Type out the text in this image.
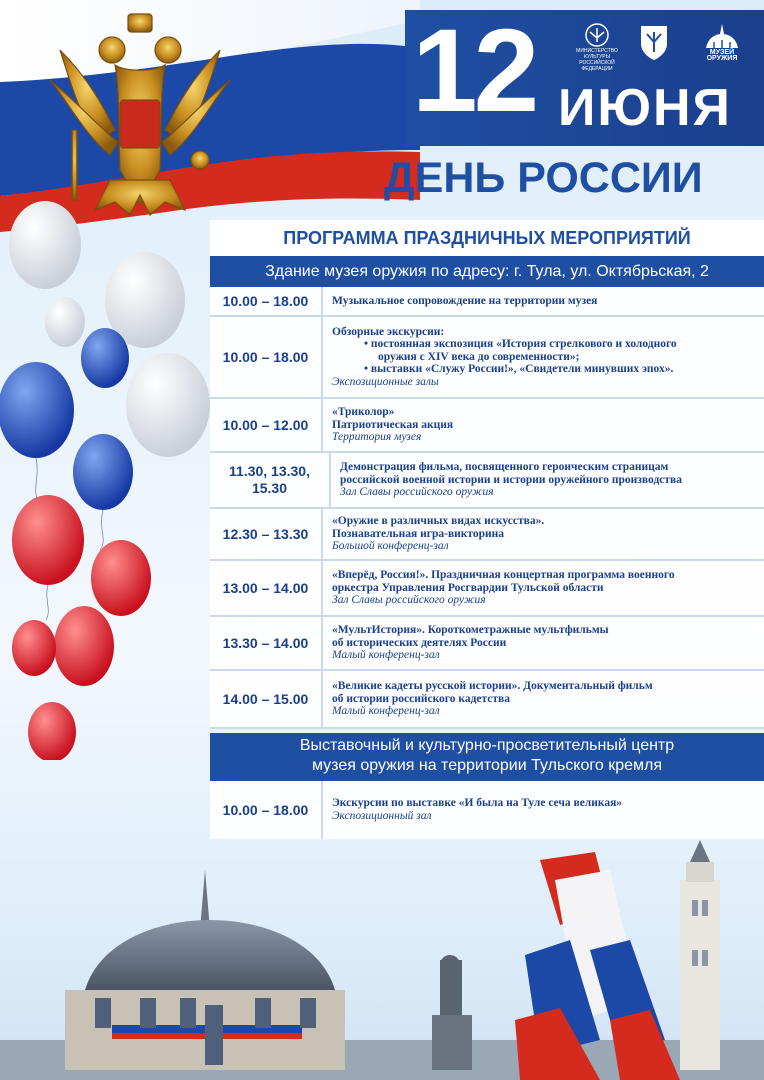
12 ИЮНЯ
МИНИСТЕРСТВО КУЛЬТУРЫ
РОССИЙСКОЙ ФЕДЕРАЦИИ
МУЗЕЙ ОРУЖИЯ
ДЕНЬ РОССИИ
ПРОГРАММА ПРАЗДНИЧНЫХ МЕРОПРИЯТИЙ
Здание музея оружия по адресу: г. Тула, ул. Октябрьская, 2
10.00 – 18.00	Музыкальное сопровождение на территории музея
10.00 – 18.00
Обзорные экскурсии:
• постоянная экспозиция «История стрелкового и холодного
оружия с XIV века до современности»;
• выставки «Служу России!», «Свидетели минувших эпох».
Экспозиционные залы
10.00 – 12.00
«Триколор»
Патриотическая акция
Территория музея
11.30, 13.30, 15.30
Демонстрация фильма, посвященного героическим страницам
российской военной истории и истории оружейного производства
Зал Славы российского оружия
12.30 – 13.30
«Оружие в различных видах искусства».
Познавательная игра-викторина
Большой конференц-зал
13.00 – 14.00
«Вперёд, Россия!». Праздничная концертная программа военного
оркестра Управления Росгвардии Тульской области
Зал Славы российского оружия
13.30 – 14.00
«МультИстория». Короткометражные мультфильмы
об исторических деятелях России
Малый конференц-зал
14.00 – 15.00
«Великие кадеты русской истории». Документальный фильм
об истории российского кадетства
Малый конференц-зал
Выставочный и культурно-просветительный центр
музея оружия на территории Тульского кремля
10.00 – 18.00	Экскурсии по выставке «И была на Туле сеча великая»
Экспозиционный зал
